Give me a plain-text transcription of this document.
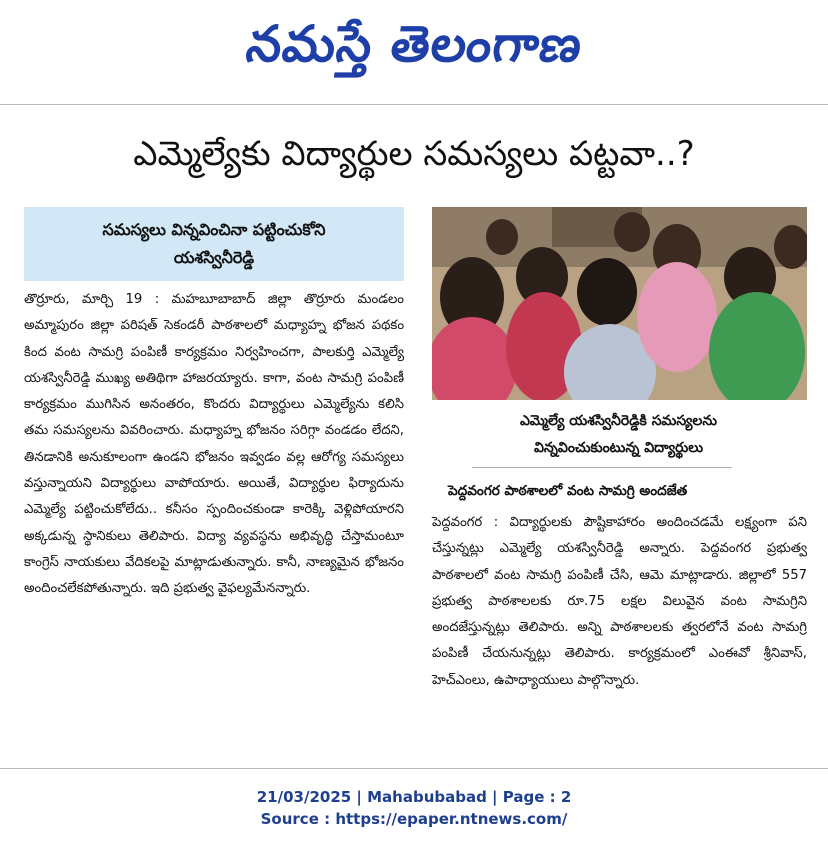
నమస్తే తెలంగాణ
ఎమ్మెల్యేకు విద్యార్థుల సమస్యలు పట్టవా..?
సమస్యలు విన్నవించినా పట్టించుకోని
యశస్వినీరెడ్డి
తొర్రూరు, మార్చి 19 : మహబూబాబాద్ జిల్లా తొర్రూరు మండలం అమ్మాపురం జిల్లా పరిషత్ సెకండరీ పాఠశాలలో మధ్యాహ్న భోజన పథకం కింద వంట సామగ్రి పంపిణీ కార్యక్రమం నిర్వహించగా, పాలకుర్తి ఎమ్మెల్యే యశస్వినీరెడ్డి ముఖ్య అతిథిగా హాజరయ్యారు. కాగా, వంట సామగ్రి పంపిణీ కార్యక్రమం ముగిసిన అనంతరం, కొందరు విద్యార్థులు ఎమ్మెల్యేను కలిసి తమ సమస్యలను వివరించారు. మధ్యాహ్న భోజనం సరిగ్గా వండడం లేదని, తినడానికి అనుకూలంగా ఉండని భోజనం ఇవ్వడం వల్ల ఆరోగ్య సమస్యలు వస్తున్నాయని విద్యార్థులు వాపోయారు. అయితే, విద్యార్థుల ఫిర్యాదును ఎమ్మెల్యే పట్టించుకోలేదు.. కనీసం స్పందించకుండా కారెక్కి వెళ్లిపోయారని అక్కడున్న స్థానికులు తెలిపారు. విద్యా వ్యవస్థను అభివృద్ధి చేస్తామంటూ కాంగ్రెస్ నాయకులు వేదికలపై మాట్లాడుతున్నారు. కానీ, నాణ్యమైన భోజనం అందించలేకపోతున్నారు. ఇది ప్రభుత్వ వైఫల్యమేనన్నారు.
ఎమ్మెల్యే యశస్వినీరెడ్డికి సమస్యలను
విన్నవించుకుంటున్న విద్యార్థులు
పెద్దవంగర పాఠశాలలో వంట సామగ్రి అందజేత
పెద్దవంగర : విద్యార్థులకు పౌష్టికాహారం అందించడమే లక్ష్యంగా పని చేస్తున్నట్లు ఎమ్మెల్యే యశస్వినీరెడ్డి అన్నారు. పెద్దవంగర ప్రభుత్వ పాఠశాలలో వంట సామగ్రి పంపిణీ చేసి, ఆమె మాట్లాడారు. జిల్లాలో 557 ప్రభుత్వ పాఠశాలలకు రూ.75 లక్షల విలువైన వంట సామగ్రిని అందజేస్తున్నట్లు తెలిపారు. అన్ని పాఠశాలలకు త్వరలోనే వంట సామగ్రి పంపిణీ చేయనున్నట్లు తెలిపారు. కార్యక్రమంలో ఎంఈవో శ్రీనివాస్, హెచ్ఎంలు, ఉపాధ్యాయులు పాల్గొన్నారు.
21/03/2025 | Mahabubabad | Page : 2
Source : https://epaper.ntnews.com/
